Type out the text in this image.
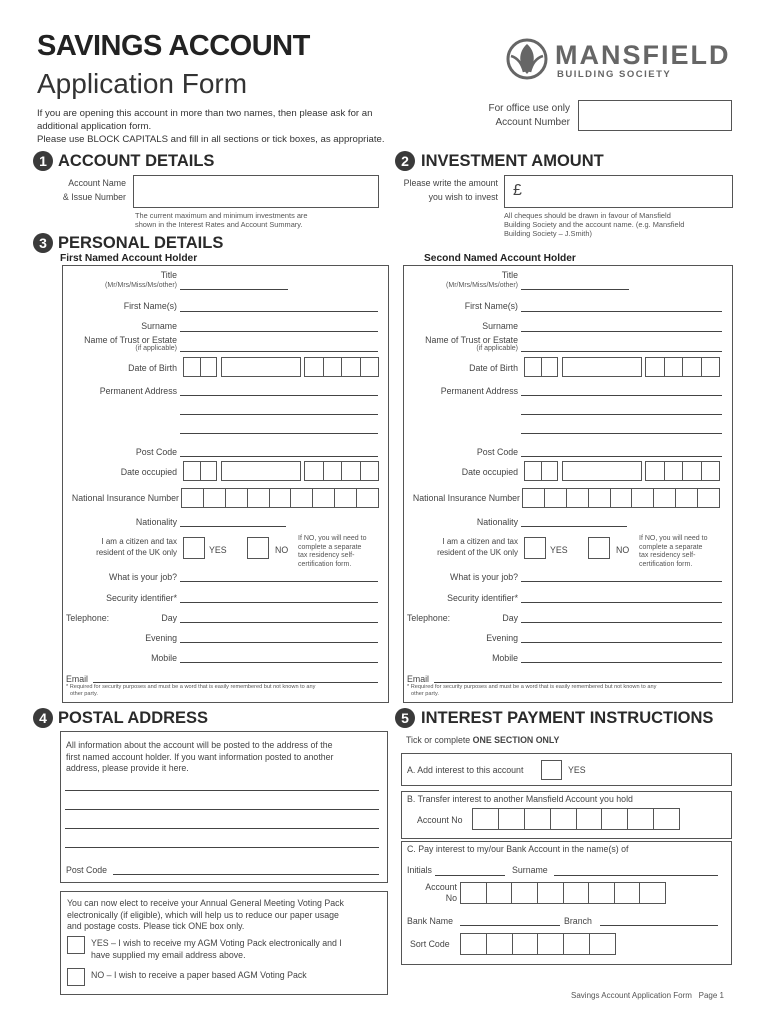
SAVINGS ACCOUNT
Application Form
If you are opening this account in more than two names, then please ask for an
additional application form.
Please use BLOCK CAPITALS and fill in all sections or tick boxes, as appropriate.
MANSFIELD
BUILDING SOCIETY
For office use only
Account Number
1 ACCOUNT DETAILS
Account Name
& Issue Number
The current maximum and minimum investments are
shown in the Interest Rates and Account Summary.
2 INVESTMENT AMOUNT
Please write the amount
you wish to invest £
All cheques should be drawn in favour of Mansfield
Building Society and the account name. (e.g. Mansfield
Building Society – J.Smith)
3 PERSONAL DETAILS
First Named Account Holder	Second Named Account Holder
Title
(Mr/Mrs/Miss/Ms/other)
First Name(s)
Surname
Name of Trust or Estate
(if applicable)
Date of Birth
Permanent Address
Post Code
Date occupied
National Insurance Number
Nationality
I am a citizen and tax
resident of the UK only	YES	NO
If NO, you will need to
complete a separate
tax residency self-
certification form.
What is your job?
Security identifier*
Telephone:	Day
Evening
Mobile
Email
* Required for security purposes and must be a word that is easily remembered but not known to any
other party.
Title
(Mr/Mrs/Miss/Ms/other)
First Name(s)
Surname
Name of Trust or Estate
(if applicable)
Date of Birth
Permanent Address
Post Code
Date occupied
National Insurance Number
Nationality
I am a citizen and tax
resident of the UK only	YES	NO
If NO, you will need to
complete a separate
tax residency self-
certification form.
What is your job?
Security identifier*
Telephone:	Day
Evening
Mobile
Email
* Required for security purposes and must be a word that is easily remembered but not known to any
other party.
4 POSTAL ADDRESS
All information about the account will be posted to the address of the
first named account holder. If you want information posted to another
address, please provide it here.
Post Code
You can now elect to receive your Annual General Meeting Voting Pack
electronically (if eligible), which will help us to reduce our paper usage
and postage costs. Please tick ONE box only.
YES – I wish to receive my AGM Voting Pack electronically and I
have supplied my email address above.
NO – I wish to receive a paper based AGM Voting Pack
5 INTEREST PAYMENT INSTRUCTIONS
Tick or complete ONE SECTION ONLY
A. Add interest to this account	YES
B. Transfer interest to another Mansfield Account you hold
Account No
C. Pay interest to my/our Bank Account in the name(s) of
Initials	Surname
Account
No
Bank Name	Branch
Sort Code
Savings Account Application Form Page 1
